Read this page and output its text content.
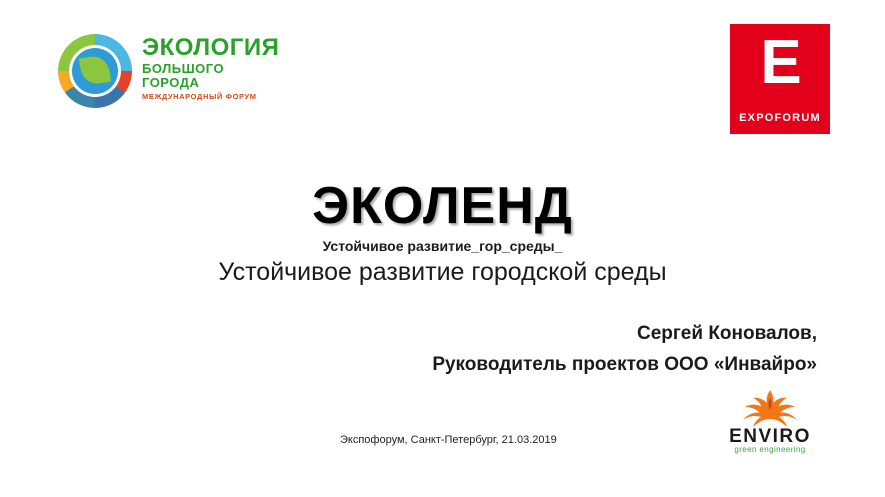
ЭКОЛОГИЯ
БОЛЬШОГО
ГОРОДА
МЕЖДУНАРОДНЫЙ ФОРУМ	E
EXPOFORUM
ЭКОЛЕНД
Устойчивое развитие_гор_среды_
Устойчивое развитие городской среды
Сергей Коновалов,
Руководитель проектов ООО «Инвайро»
Экспофорум, Санкт-Петербург, 21.03.2019	ENVIRO
green engineering
